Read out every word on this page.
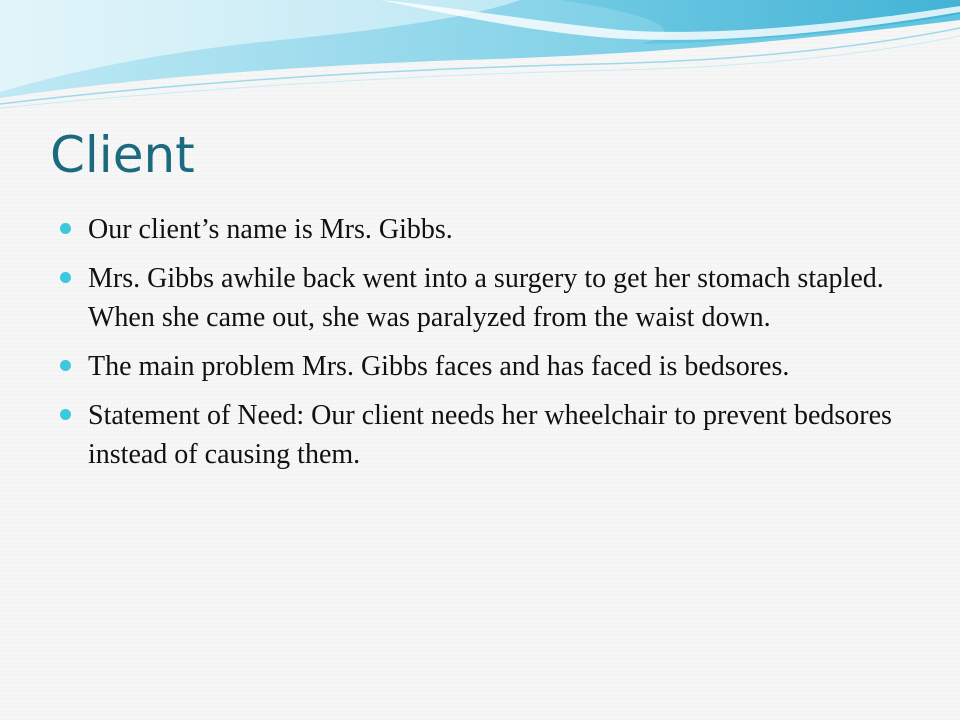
Client
Our client’s name is Mrs. Gibbs.
Mrs. Gibbs awhile back went into a surgery to get her stomach stapled. When she came out, she was paralyzed from the waist down.
The main problem Mrs. Gibbs faces and has faced is bedsores.
Statement of Need: Our client needs her wheelchair to prevent bedsores instead of causing them.
